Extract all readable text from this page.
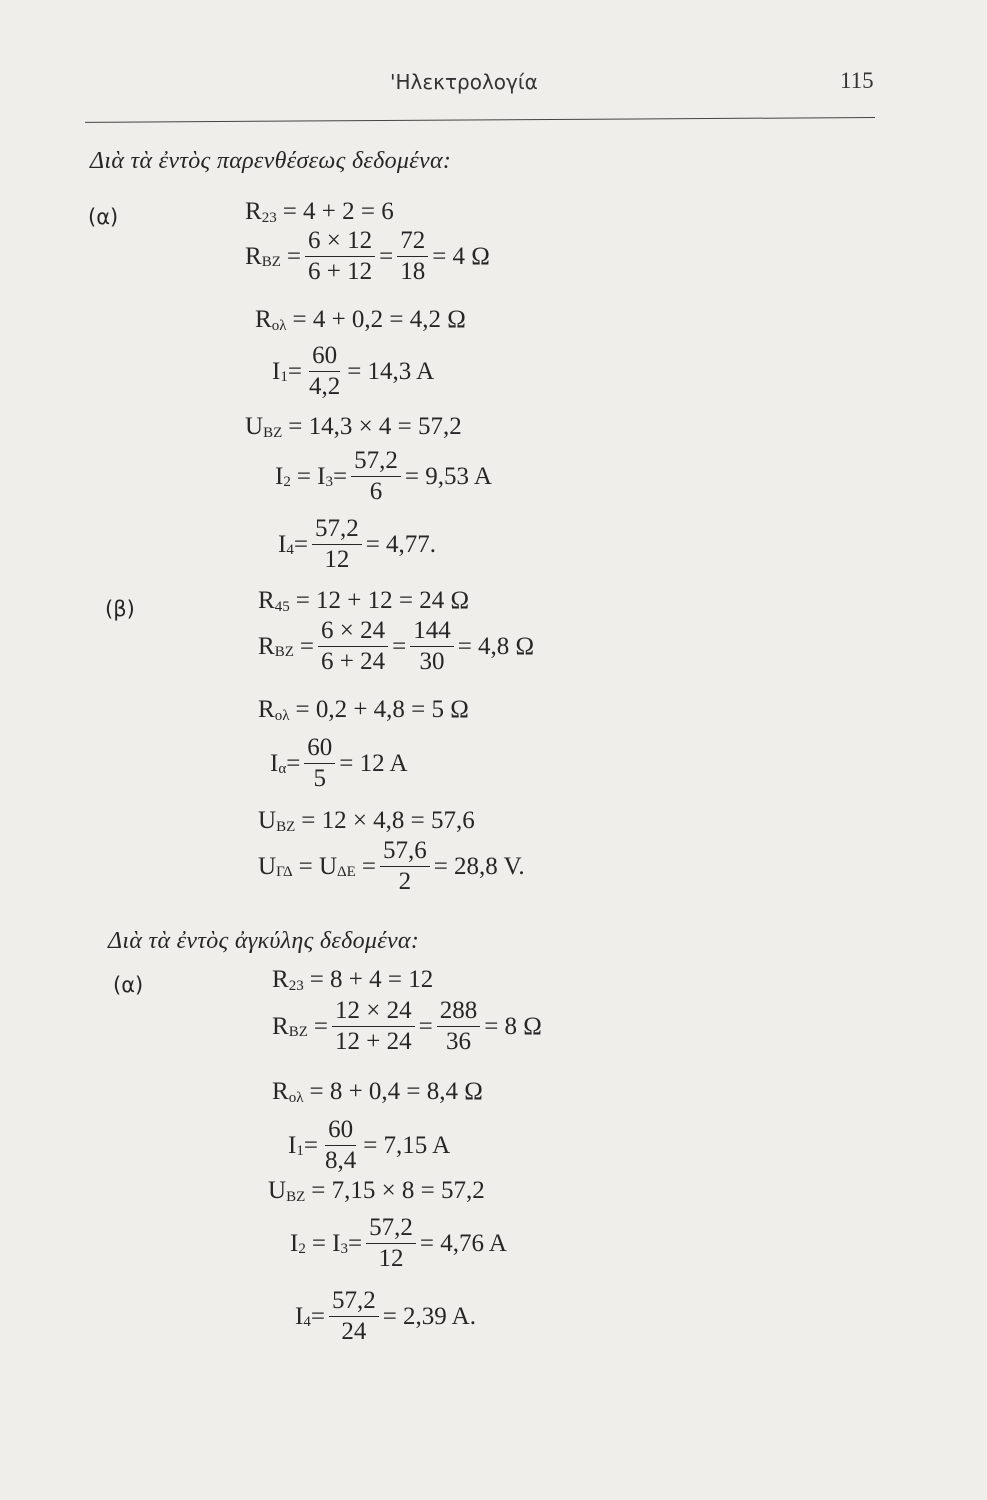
'Ηλεκτρολογία	115
Διὰ τὰ ἐντὸς παρενθέσεως δεδομένα:
(α)	$R_{23} = 4 + 2 = 6$
$R_{BZ} = \frac{6 \times 12}{6 + 12} = \frac{72}{18} = 4$ Ω
$R_{o\lambda} = 4 + 0,2 = 4,2$ Ω
$I_1 = \frac{60}{4,2} = 14,3$ A
$U_{BZ} = 14,3 \times 4 = 57,2$
$I_2 = I_3 = \frac{57,2}{6} = 9,53$ A
$I_4 = \frac{57,2}{12} = 4,77$.
(β)	$R_{45} = 12 + 12 = 24$ Ω
$R_{BZ} = \frac{6 \times 24}{6 + 24} = \frac{144}{30} = 4,8$ Ω
$R_{o\lambda} = 0,2 + 4,8 = 5$ Ω
$I_\alpha = \frac{60}{5} = 12$ A
$U_{BZ} = 12 \times 4,8 = 57,6$
$U_{\Gamma\Delta} = U_{\Delta E} = \frac{57,6}{2} = 28,8$ V.
Διὰ τὰ ἐντὸς ἀγκύλης δεδομένα:
(α)	$R_{23} = 8 + 4 = 12$
$R_{BZ} = \frac{12 \times 24}{12 + 24} = \frac{288}{36} = 8$ Ω
$R_{o\lambda} = 8 + 0,4 = 8,4$ Ω
$I_1 = \frac{60}{8,4} = 7,15$ A
$U_{BZ} = 7,15 \times 8 = 57,2$
$I_2 = I_3 = \frac{57,2}{12} = 4,76$ A
$I_4 = \frac{57,2}{24} = 2,39$ A.
